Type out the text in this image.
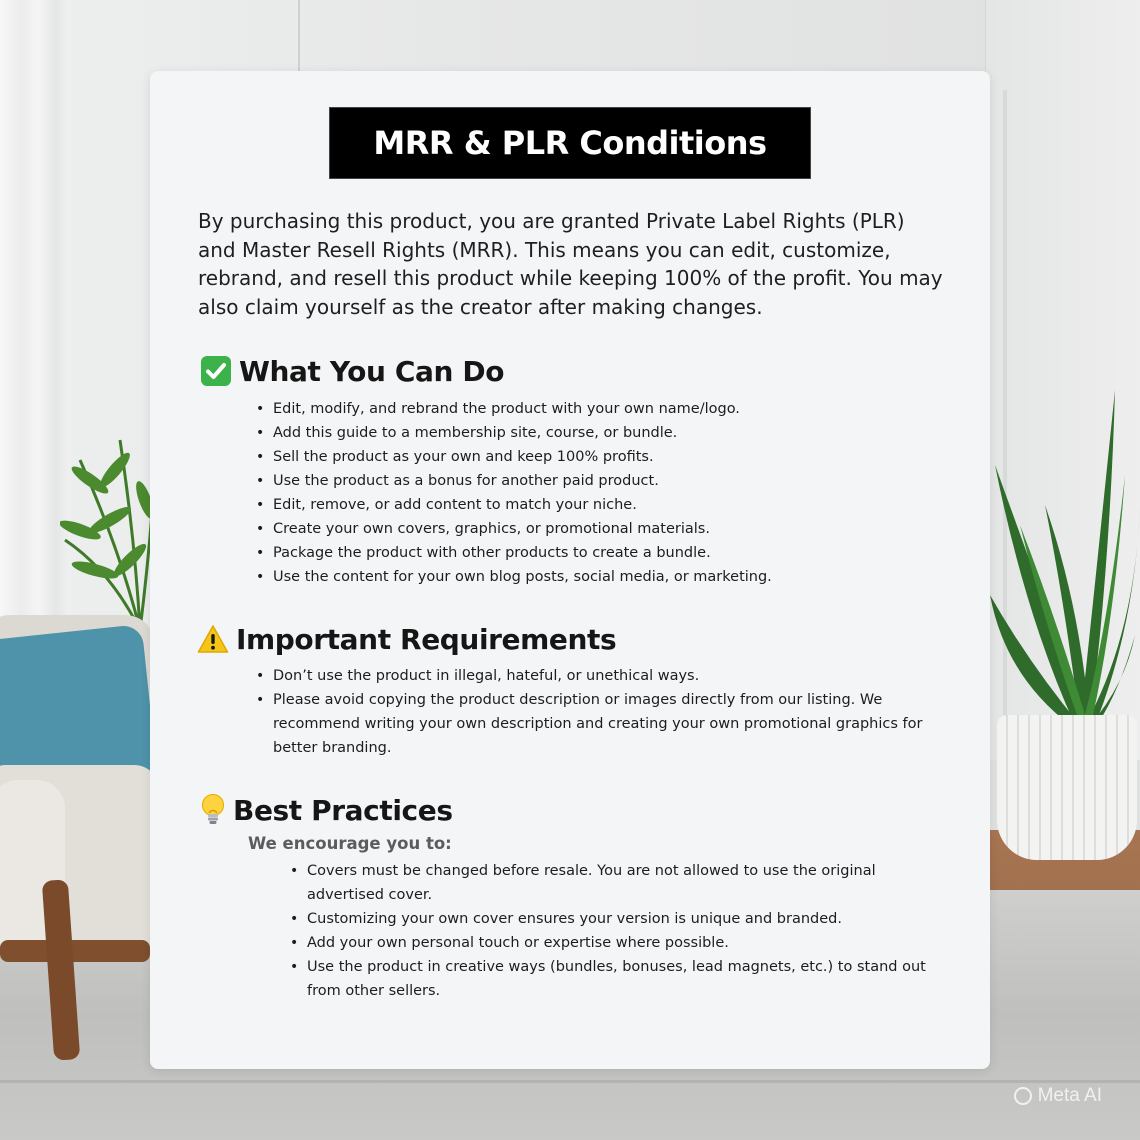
Meta AI
MRR & PLR Conditions

By purchasing this product, you are granted Private Label Rights (PLR) and Master Resell Rights (MRR). This means you can edit, customize, rebrand, and resell this product while keeping 100% of the profit. You may also claim yourself as the creator after making changes.

What You Can Do
• Edit, modify, and rebrand the product with your own name/logo.
• Add this guide to a membership site, course, or bundle.
• Sell the product as your own and keep 100% profits.
• Use the product as a bonus for another paid product.
• Edit, remove, or add content to match your niche.
• Create your own covers, graphics, or promotional materials.
• Package the product with other products to create a bundle.
• Use the content for your own blog posts, social media, or marketing.
Important Requirements
• Don’t use the product in illegal, hateful, or unethical ways.
• Please avoid copying the product description or images directly from our listing. We recommend writing your own description and creating your own promotional graphics for better branding.
Best Practices
We encourage you to:
• Covers must be changed before resale. You are not allowed to use the original advertised cover.
• Customizing your own cover ensures your version is unique and branded.
• Add your own personal touch or expertise where possible.
• Use the product in creative ways (bundles, bonuses, lead magnets, etc.) to stand out from other sellers.
